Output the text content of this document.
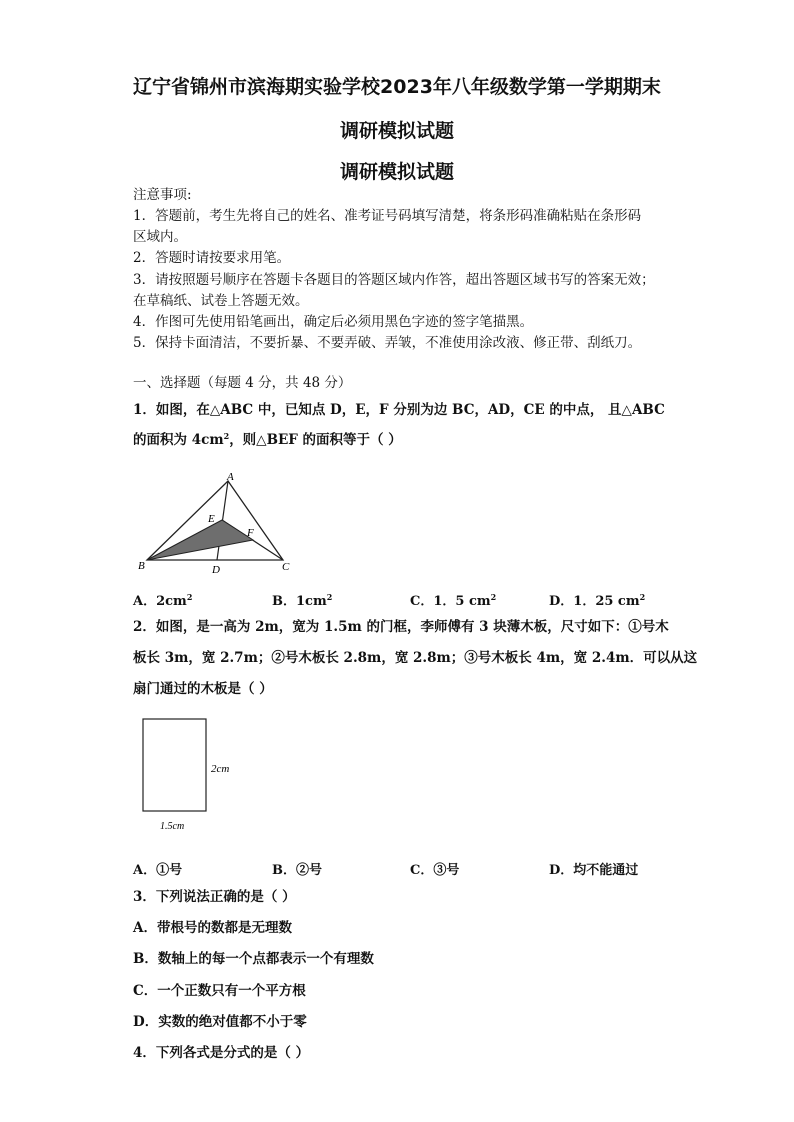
辽宁省锦州市滨海期实验学校2023年八年级数学第一学期期末
调研模拟试题
调研模拟试题
注意事项:
1．答题前，考生先将自己的姓名、准考证号码填写清楚，将条形码准确粘贴在条形码
区域内。
2．答题时请按要求用笔。
3．请按照题号顺序在答题卡各题目的答题区域内作答，超出答题区域书写的答案无效；
在草稿纸、试卷上答题无效。
4．作图可先使用铅笔画出，确定后必须用黑色字迹的签字笔描黑。
5．保持卡面清洁，不要折暴、不要弄破、弄皱，不准使用涂改液、修正带、刮纸刀。
一、选择题（每题 4 分，共 48 分）
1．如图，在△ABC 中，已知点 D，E，F 分别为边 BC，AD，CE 的中点， 且△ABC
的面积为 $4cm^2$，则△BEF 的面积等于（ ）
A
B	C
D
E
F
A．$2cm^2$	B．$1cm^2$	C．1．5 $cm^2$	D．1．25 $cm^2$
2．如图，是一高为 2m，宽为 1.5m 的门框，李师傅有 3 块薄木板，尺寸如下：①号木
板长 3m，宽 2.7m；②号木板长 2.8m，宽 2.8m；③号木板长 4m，宽 2.4m．可以从这
扇门通过的木板是（ ）
2cm
1.5cm
A．①号	B．②号	C．③号	D．均不能通过
3．下列说法正确的是（ ）
A．带根号的数都是无理数
B．数轴上的每一个点都表示一个有理数
C．一个正数只有一个平方根
D．实数的绝对值都不小于零
4．下列各式是分式的是（ ）
